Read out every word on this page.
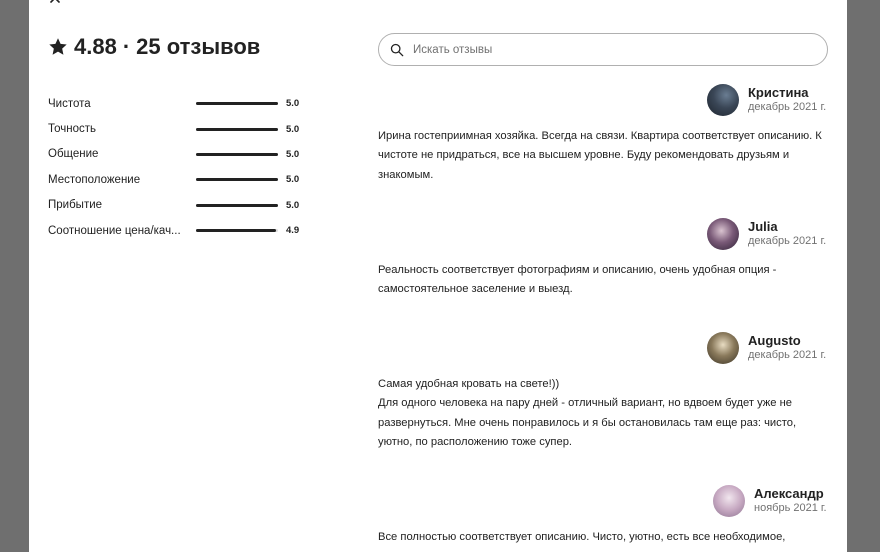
4.88 · 25 отзывов
Чистота	5.0
Точность	5.0
Общение	5.0
Местоположение	5.0
Прибытие	5.0
Соотношение цена/кач...	4.9
Искать отзывы
Кристина
декабрь 2021 г.
Ирина гостеприимная хозяйка. Всегда на связи. Квартира соответствует описанию. К чистоте не придраться, все на высшем уровне. Буду рекомендовать друзьям и знакомым.
Julia
декабрь 2021 г.
Реальность соответствует фотографиям и описанию, очень удобная опция - самостоятельное заселение и выезд.
Augusto
декабрь 2021 г.
Самая удобная кровать на свете!))
Для одного человека на пару дней - отличный вариант, но вдвоем будет уже не развернуться. Мне очень понравилось и я бы остановилась там еще раз: чисто, уютно, по расположению тоже супер.
Александр
ноябрь 2021 г.
Все полностью соответствует описанию. Чисто, уютно, есть все необходимое,
